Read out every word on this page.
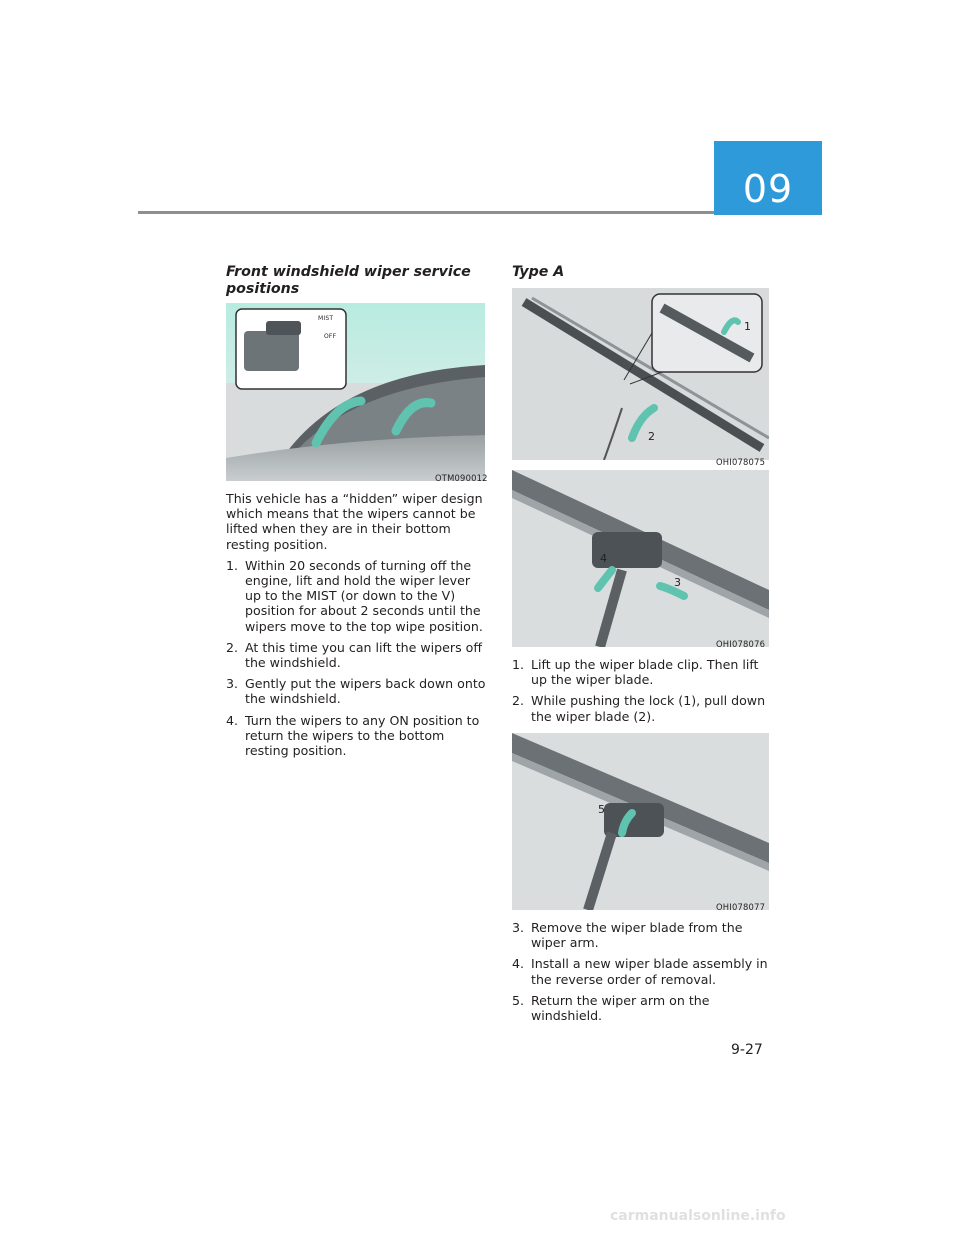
09
Front windshield wiper service positions
MIST
OFF
OTM090012

This vehicle has a “hidden” wiper design which means that the wipers cannot be lifted when they are in their bottom resting position.

1. Within 20 seconds of turning off the engine, lift and hold the wiper lever up to the MIST (or down to the V) position for about 2 seconds until the wipers move to the top wipe position.
2. At this time you can lift the wipers off the windshield.
3. Gently put the wipers back down onto the windshield.
4. Turn the wipers to any ON position to return the wipers to the bottom resting position.
Type A
1
2
OHI078075
4
3
OHI078076
1. Lift up the wiper blade clip. Then lift up the wiper blade.
2. While pushing the lock (1), pull down the wiper blade (2).
5
OHI078077
3. Remove the wiper blade from the wiper arm.
4. Install a new wiper blade assembly in the reverse order of removal.
5. Return the wiper arm on the windshield.
9-27
carmanualsonline.info
